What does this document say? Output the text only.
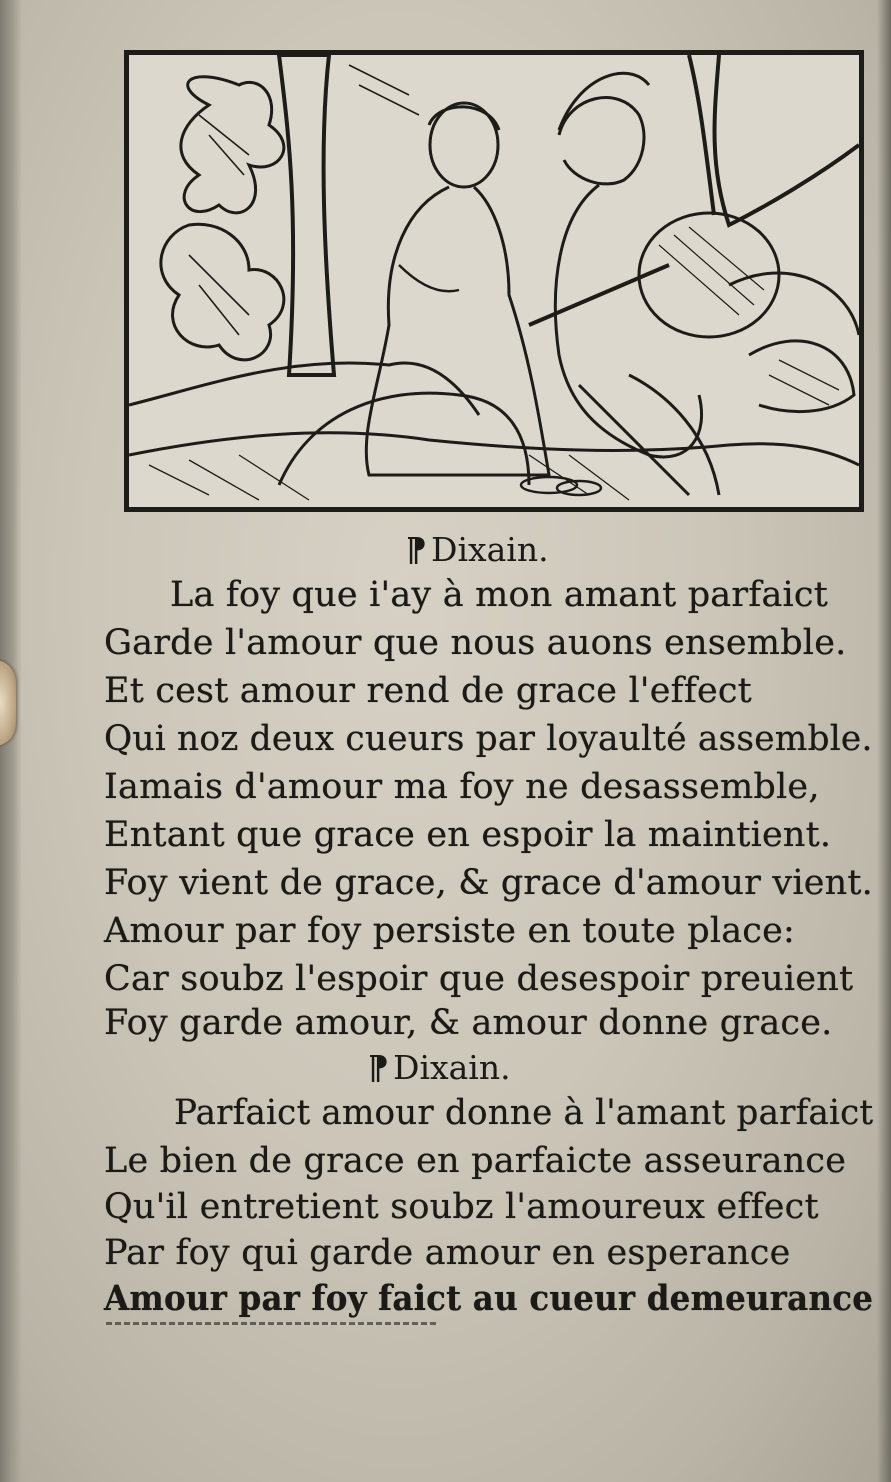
¶ Dixain.
La foy que i'ay à mon amant parfaict
Garde l'amour que nous auons ensemble.
Et cest amour rend de grace l'effect
Qui noz deux cueurs par loyaulté assemble.
Iamais d'amour ma foy ne desassemble,
Entant que grace en espoir la maintient.
Foy vient de grace, & grace d'amour vient.
Amour par foy persiste en toute place:
Car soubz l'espoir que desespoir preuient
Foy garde amour, & amour donne grace.
¶ Dixain.
Parfaict amour donne à l'amant parfaict
Le bien de grace en parfaicte asseurance
Qu'il entretient soubz l'amoureux effect
Par foy qui garde amour en esperance
Amour par foy faict au cueur demeurance
